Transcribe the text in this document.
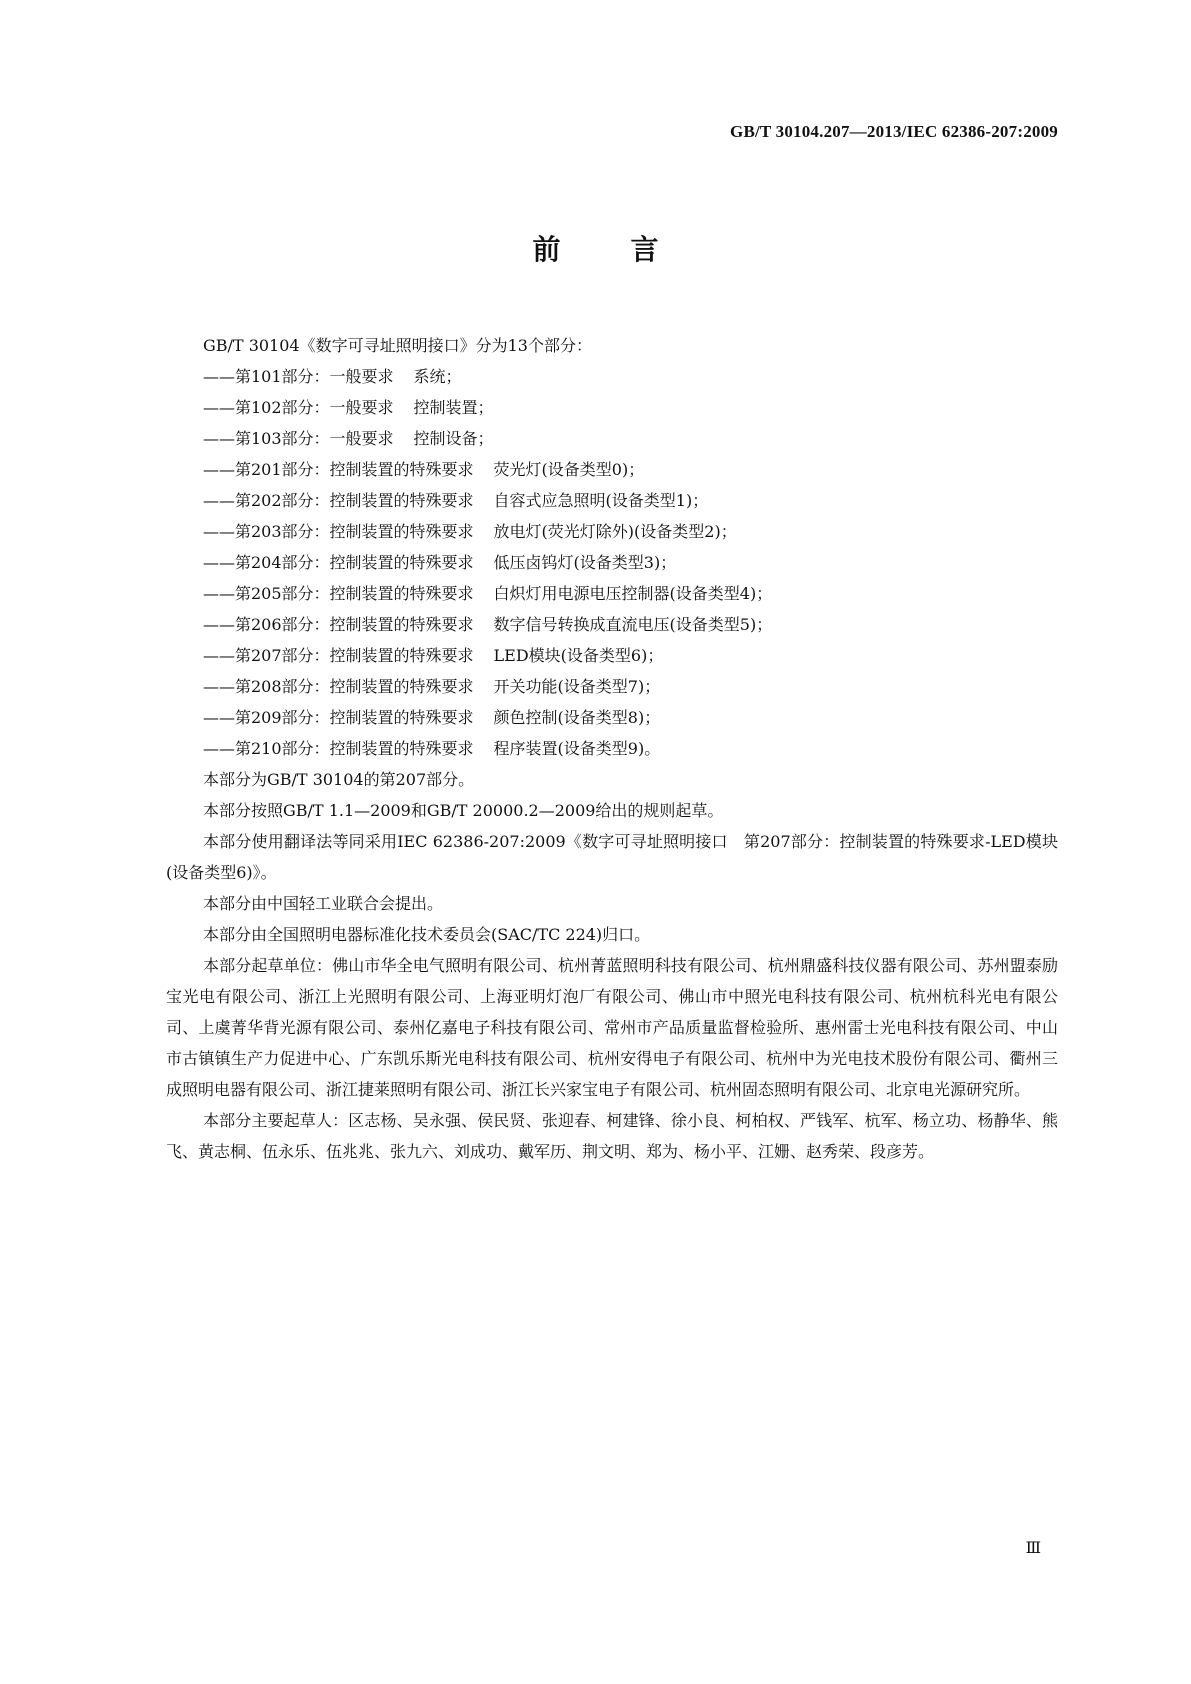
GB/T 30104.207—2013/IEC 62386-207:2009
前	言

GB/T 30104《数字可寻址照明接口》分为13个部分：

——第101部分：一般要求 系统；
——第102部分：一般要求 控制装置；
——第103部分：一般要求 控制设备；
——第201部分：控制装置的特殊要求 荧光灯(设备类型0)；
——第202部分：控制装置的特殊要求 自容式应急照明(设备类型1)；
——第203部分：控制装置的特殊要求 放电灯(荧光灯除外)(设备类型2)；
——第204部分：控制装置的特殊要求 低压卤钨灯(设备类型3)；
——第205部分：控制装置的特殊要求 白炽灯用电源电压控制器(设备类型4)；
——第206部分：控制装置的特殊要求 数字信号转换成直流电压(设备类型5)；
——第207部分：控制装置的特殊要求 LED模块(设备类型6)；
——第208部分：控制装置的特殊要求 开关功能(设备类型7)；
——第209部分：控制装置的特殊要求 颜色控制(设备类型8)；
——第210部分：控制装置的特殊要求 程序装置(设备类型9)。

本部分为GB/T 30104的第207部分。

本部分按照GB/T 1.1—2009和GB/T 20000.2—2009给出的规则起草。

本部分使用翻译法等同采用IEC 62386-207:2009《数字可寻址照明接口　第207部分：控制装置的特殊要求-LED模块(设备类型6)》。

本部分由中国轻工业联合会提出。

本部分由全国照明电器标准化技术委员会(SAC/TC 224)归口。

本部分起草单位：佛山市华全电气照明有限公司、杭州菁蓝照明科技有限公司、杭州鼎盛科技仪器有限公司、苏州盟泰励宝光电有限公司、浙江上光照明有限公司、上海亚明灯泡厂有限公司、佛山市中照光电科技有限公司、杭州杭科光电有限公司、上虞菁华背光源有限公司、泰州亿嘉电子科技有限公司、常州市产品质量监督检验所、惠州雷士光电科技有限公司、中山市古镇镇生产力促进中心、广东凯乐斯光电科技有限公司、杭州安得电子有限公司、杭州中为光电技术股份有限公司、衢州三成照明电器有限公司、浙江捷莱照明有限公司、浙江长兴家宝电子有限公司、杭州固态照明有限公司、北京电光源研究所。

本部分主要起草人：区志杨、吴永强、侯民贤、张迎春、柯建锋、徐小良、柯柏权、严钱军、杭军、杨立功、杨静华、熊飞、黄志桐、伍永乐、伍兆兆、张九六、刘成功、戴军历、荆文明、郑为、杨小平、江姗、赵秀荣、段彦芳。

Ⅲ
